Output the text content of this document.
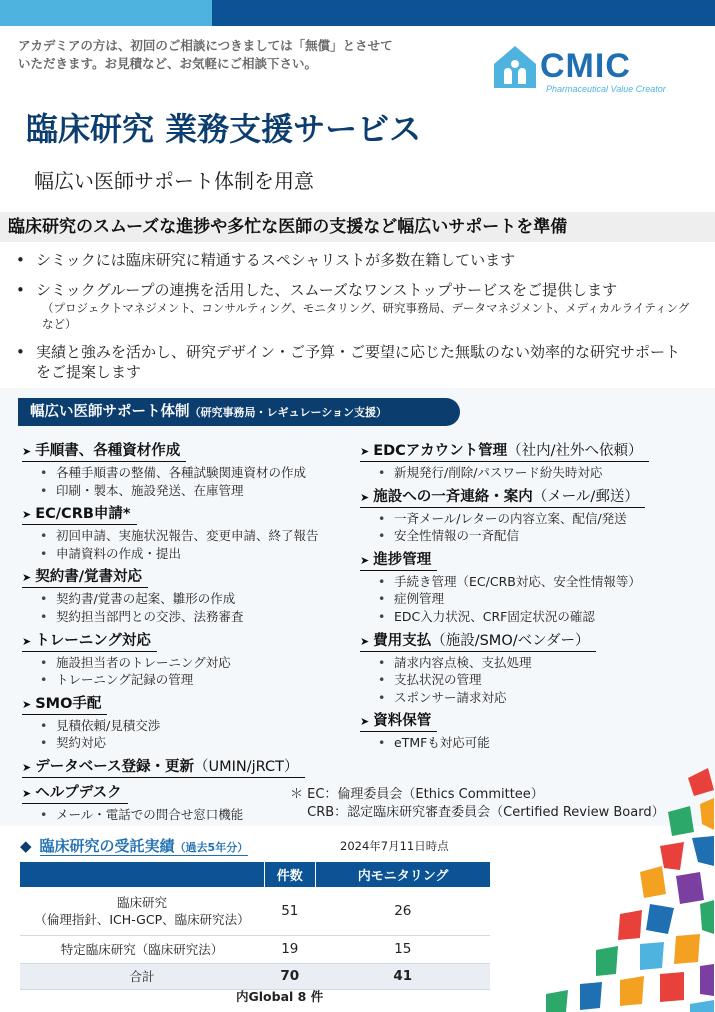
アカデミアの方は、初回のご相談につきましては「無償」とさせて
いただきます。お見積など、お気軽にご相談下さい。	CMIC
Pharmaceutical Value Creator
臨床研究 業務支援サービス
幅広い医師サポート体制を用意
臨床研究のスムーズな進捗や多忙な医師の支援など幅広いサポートを準備
• シミックには臨床研究に精通するスペシャリストが多数在籍しています
• シミックグループの連携を活用した、スムーズなワンストップサービスをご提供します
（プロジェクトマネジメント、コンサルティング、モニタリング、研究事務局、データマネジメント、メディカルライティング など）
• 実績と強みを活かし、研究デザイン・ご予算・ご要望に応じた無駄のない効率的な研究サポートをご提案します
幅広い医師サポート体制（研究事務局・レギュレーション支援）
➤ 手順書、各種資材作成
• 各種手順書の整備、各種試験関連資材の作成
• 印刷・製本、施設発送、在庫管理
➤ EC/CRB申請*
• 初回申請、実施状況報告、変更申請、終了報告
• 申請資料の作成・提出
➤ 契約書/覚書対応
• 契約書/覚書の起案、雛形の作成
• 契約担当部門との交渉、法務審査
➤ トレーニング対応
• 施設担当者のトレーニング対応
• トレーニング記録の管理
➤ SMO手配
• 見積依頼/見積交渉
• 契約対応
➤ データベース登録・更新（UMIN/jRCT）
➤ ヘルプデスク
• メール・電話での問合せ窓口機能
➤ EDCアカウント管理（社内/社外へ依頼）
• 新規発行/削除/パスワード紛失時対応
➤ 施設への一斉連絡・案内（メール/郵送）
• 一斉メール/レターの内容立案、配信/発送
• 安全性情報の一斉配信
➤ 進捗管理
• 手続き管理（EC/CRB対応、安全性情報等）
• 症例管理
• EDC入力状況、CRF固定状況の確認
➤ 費用支払（施設/SMO/ベンダー）
• 請求内容点検、支払処理
• 支払状況の管理
• スポンサー請求対応
➤ 資料保管
• eTMFも対応可能
＊ EC：倫理委員会（Ethics Committee）
　 CRB：認定臨床研究審査委員会（Certified Review Board）
◆ 臨床研究の受託実績（過去5年分）	2024年7月11日時点
	件数	内モニタリング

臨床研究
（倫理指針、ICH-GCP、臨床研究法）	51	26
特定臨床研究（臨床研究法）	19	15
合計	70	41
内Global 8 件
